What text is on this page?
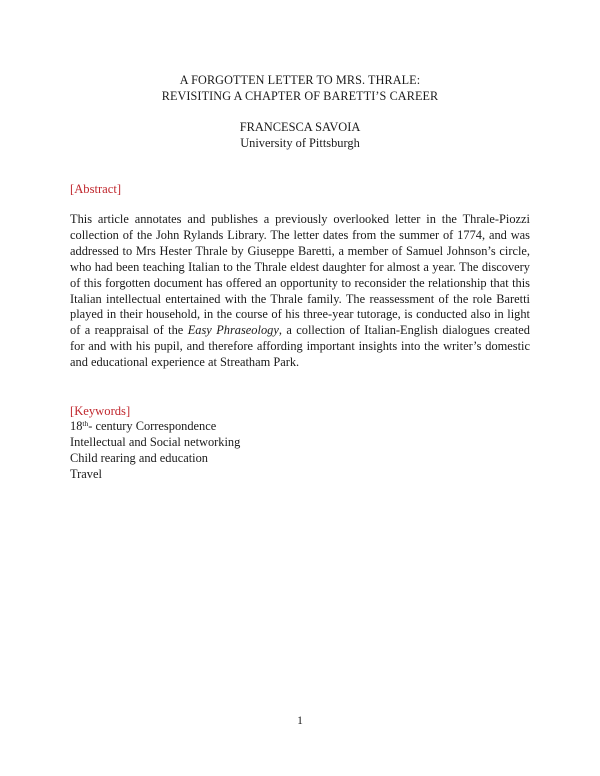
A FORGOTTEN LETTER TO MRS. THRALE:
REVISITING A CHAPTER OF BARETTI’S CAREER
FRANCESCA SAVOIA
University of Pittsburgh
[Abstract]

This article annotates and publishes a previously overlooked letter in the Thrale-Piozzi collection of the John Rylands Library. The letter dates from the summer of 1774, and was addressed to Mrs Hester Thrale by Giuseppe Baretti, a member of Samuel Johnson’s circle, who had been teaching Italian to the Thrale eldest daughter for almost a year. The discovery of this forgotten document has offered an opportunity to reconsider the relationship that this Italian intellectual entertained with the Thrale family. The reassessment of the role Baretti played in their household, in the course of his three-year tutorage, is conducted also in light of a reappraisal of the Easy Phraseology, a collection of Italian-English dialogues created for and with his pupil, and therefore affording important insights into the writer’s domestic and educational experience at Streatham Park.

[Keywords]
18th- century Correspondence
Intellectual and Social networking
Child rearing and education
Travel
1
